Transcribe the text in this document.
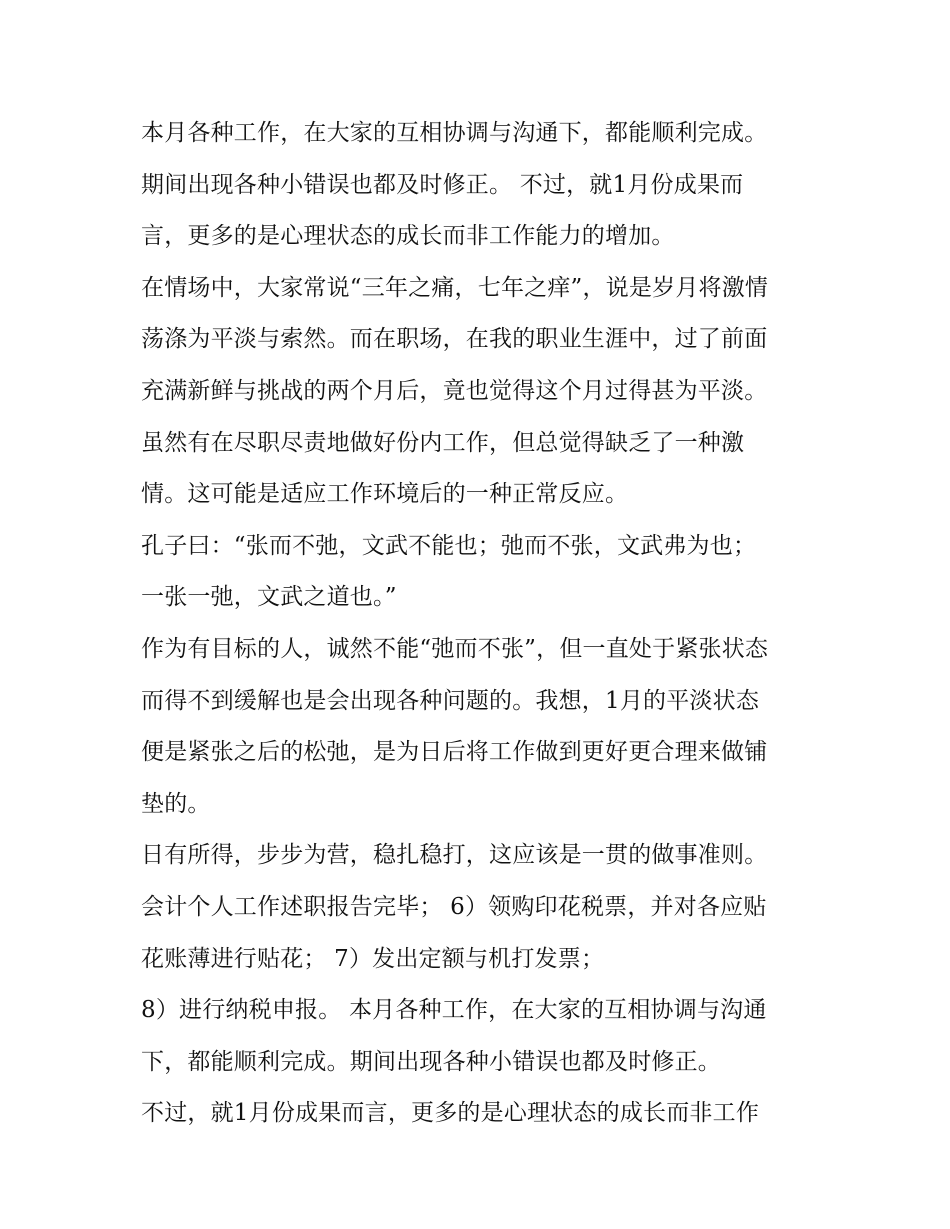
本月各种工作，在大家的互相协调与沟通下，都能顺利完成。
期间出现各种小错误也都及时修正。 不过，就1月份成果而
言，更多的是心理状态的成长而非工作能力的增加。
在情场中，大家常说“三年之痛，七年之痒”，说是岁月将激情
荡涤为平淡与索然。而在职场，在我的职业生涯中，过了前面
充满新鲜与挑战的两个月后，竟也觉得这个月过得甚为平淡。
虽然有在尽职尽责地做好份内工作，但总觉得缺乏了一种激
情。这可能是适应工作环境后的一种正常反应。
孔子曰：“张而不弛，文武不能也；弛而不张，文武弗为也；
一张一弛，文武之道也。”
作为有目标的人，诚然不能“弛而不张”，但一直处于紧张状态
而得不到缓解也是会出现各种问题的。我想，1月的平淡状态
便是紧张之后的松弛，是为日后将工作做到更好更合理来做铺
垫的。
日有所得，步步为营，稳扎稳打，这应该是一贯的做事准则。
会计个人工作述职报告完毕； 6）领购印花税票，并对各应贴
花账薄进行贴花； 7）发出定额与机打发票；
8）进行纳税申报。 本月各种工作，在大家的互相协调与沟通
下，都能顺利完成。期间出现各种小错误也都及时修正。
不过，就1月份成果而言，更多的是心理状态的成长而非工作
